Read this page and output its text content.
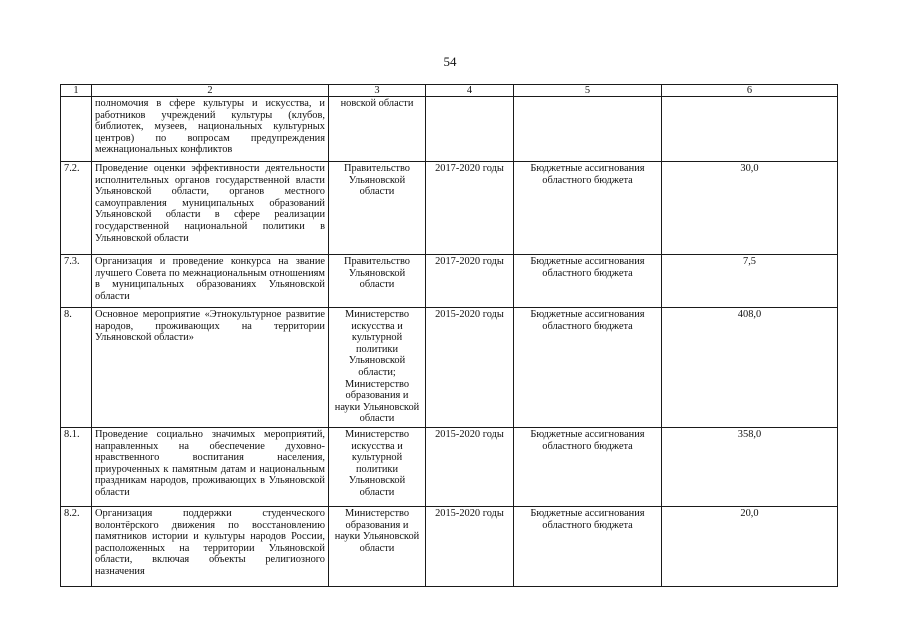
54
1	2	3	4	5	6
	полномочия в сфере культуры и искусства, и работников учреждений культуры (клубов, библиотек, музеев, национальных культурных центров) по вопросам предупреждения межнациональных конфликтов	новской области			
7.2.	Проведение оценки эффективности деятельности исполнительных органов государственной власти Ульяновской области, органов местного самоуправления муниципальных образований Ульяновской области в сфере реализации государственной национальной политики в Ульяновской области	Правительство Ульяновской области	2017-2020 годы	Бюджетные ассигнования областного бюджета	30,0
7.3.	Организация и проведение конкурса на звание лучшего Совета по межнациональным отношениям в муниципальных образованиях Ульяновской области	Правительство Ульяновской области	2017-2020 годы	Бюджетные ассигнования областного бюджета	7,5
8.	Основное мероприятие «Этнокультурное развитие народов, проживающих на территории Ульяновской области»	Министерство искусства и культурной политики Ульяновской области; Министерство образования и науки Ульяновской области	2015-2020 годы	Бюджетные ассигнования областного бюджета	408,0
8.1.	Проведение социально значимых мероприятий, направленных на обеспечение духовно-нравственного воспитания населения, приуроченных к памятным датам и национальным праздникам народов, проживающих в Ульяновской области	Министерство искусства и культурной политики Ульяновской области	2015-2020 годы	Бюджетные ассигнования областного бюджета	358,0
8.2.	Организация поддержки студенческого волонтёрского движения по восстановлению памятников истории и культуры народов России, расположенных на территории Ульяновской области, включая объекты религиозного назначения	Министерство образования и науки Ульяновской области	2015-2020 годы	Бюджетные ассигнования областного бюджета	20,0
